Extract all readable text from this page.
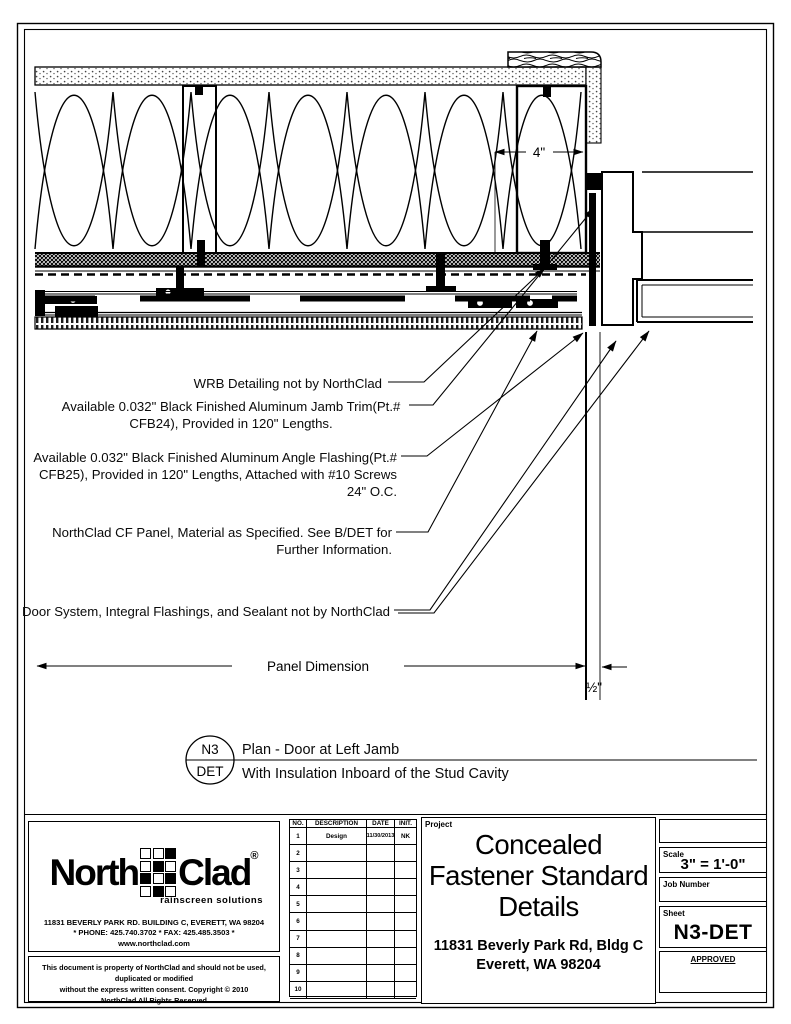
4"
Panel Dimension
½"
WRB Detailing not by NorthClad
Available 0.032" Black Finished Aluminum Jamb Trim(Pt.#
CFB24), Provided in 120" Lengths.
Available 0.032" Black Finished Aluminum Angle Flashing(Pt.#
CFB25), Provided in 120" Lengths, Attached with #10 Screws
24" O.C.
NorthClad CF Panel, Material as Specified. See B/DET for
Further Information.
Door System, Integral Flashings, and Sealant not by NorthClad
N3
DET
Plan - Door at Left Jamb
With Insulation Inboard of the Stud Cavity
North Clad ®
rainscreen solutions
11831 BEVERLY PARK RD. BUILDING C, EVERETT, WA 98204
* PHONE: 425.740.3702 * FAX: 425.485.3503 *
www.northclad.com
This document is property of NorthClad and should not be used, duplicated or modified
without the express written consent. Copyright © 2010
NorthClad All Rights Reserved
NO.	DESCRIPTION	DATE	INIT.
1	Design	11/30/2013	NK
2
3
4
5
6
7
8
9
10
Project
Concealed
Fastener Standard
Details
11831 Beverly Park Rd, Bldg C
Everett, WA 98204
Scale
3" = 1'-0"
Job Number
Sheet
N3-DET
APPROVED
